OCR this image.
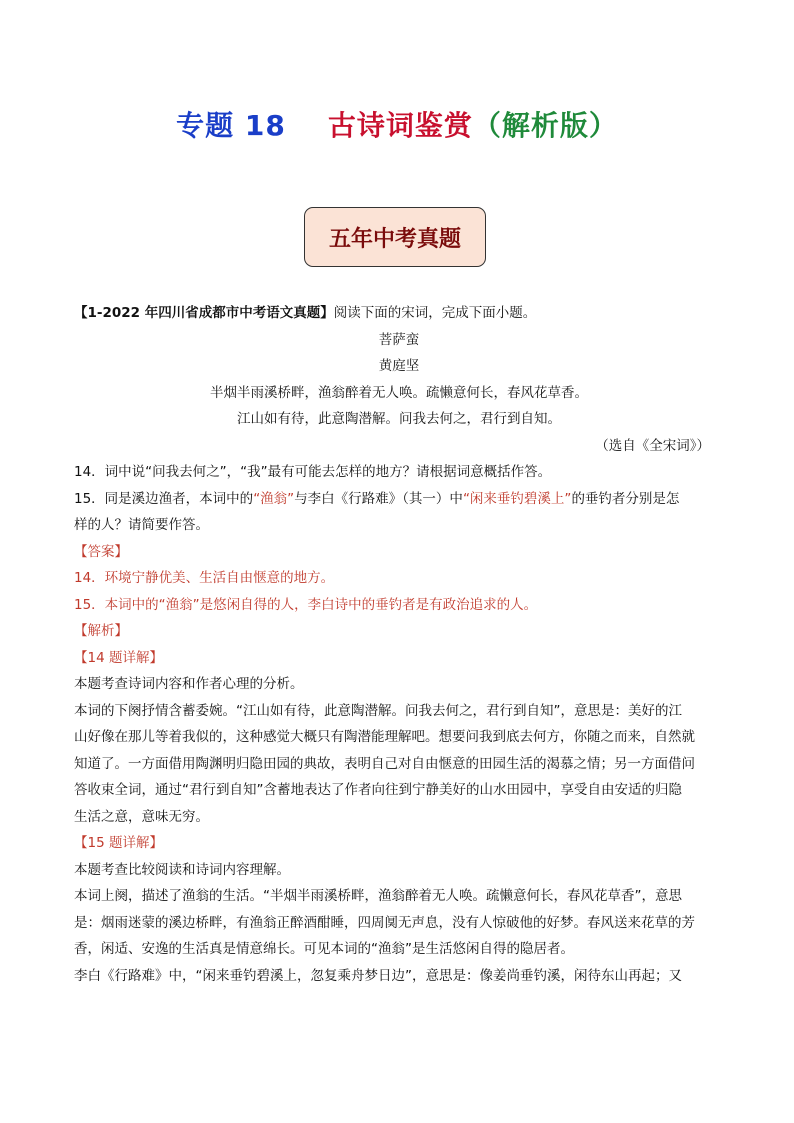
专题 18 古诗词鉴赏（解析版）
五年中考真题

【1-2022 年四川省成都市中考语文真题】阅读下面的宋词，完成下面小题。

菩萨蛮

黄庭坚

半烟半雨溪桥畔，渔翁醉着无人唤。疏懒意何长，春风花草香。

江山如有待，此意陶潜解。问我去何之，君行到自知。

（选自《全宋词》）

14．词中说“问我去何之”，“我”最有可能去怎样的地方？请根据词意概括作答。

15．同是溪边渔者，本词中的“渔翁”与李白《行路难》（其一）中“闲来垂钓碧溪上”的垂钓者分别是怎

样的人？请简要作答。

【答案】

14．环境宁静优美、生活自由惬意的地方。

15．本词中的“渔翁”是悠闲自得的人，李白诗中的垂钓者是有政治追求的人。

【解析】

【14 题详解】

本题考查诗词内容和作者心理的分析。

本词的下阕抒情含蓄委婉。“江山如有待，此意陶潜解。问我去何之，君行到自知”，意思是：美好的江

山好像在那儿等着我似的，这种感觉大概只有陶潜能理解吧。想要问我到底去何方，你随之而来，自然就

知道了。一方面借用陶渊明归隐田园的典故，表明自己对自由惬意的田园生活的渴慕之情；另一方面借问

答收束全词，通过“君行到自知”含蓄地表达了作者向往到宁静美好的山水田园中，享受自由安适的归隐

生活之意，意味无穷。

【15 题详解】

本题考查比较阅读和诗词内容理解。

本词上阕，描述了渔翁的生活。“半烟半雨溪桥畔，渔翁醉着无人唤。疏懒意何长，春风花草香”，意思

是：烟雨迷蒙的溪边桥畔，有渔翁正醉酒酣睡，四周阒无声息，没有人惊破他的好梦。春风送来花草的芳

香，闲适、安逸的生活真是情意绵长。可见本词的“渔翁”是生活悠闲自得的隐居者。

李白《行路难》中，“闲来垂钓碧溪上，忽复乘舟梦日边”，意思是：像姜尚垂钓溪，闲待东山再起；又
